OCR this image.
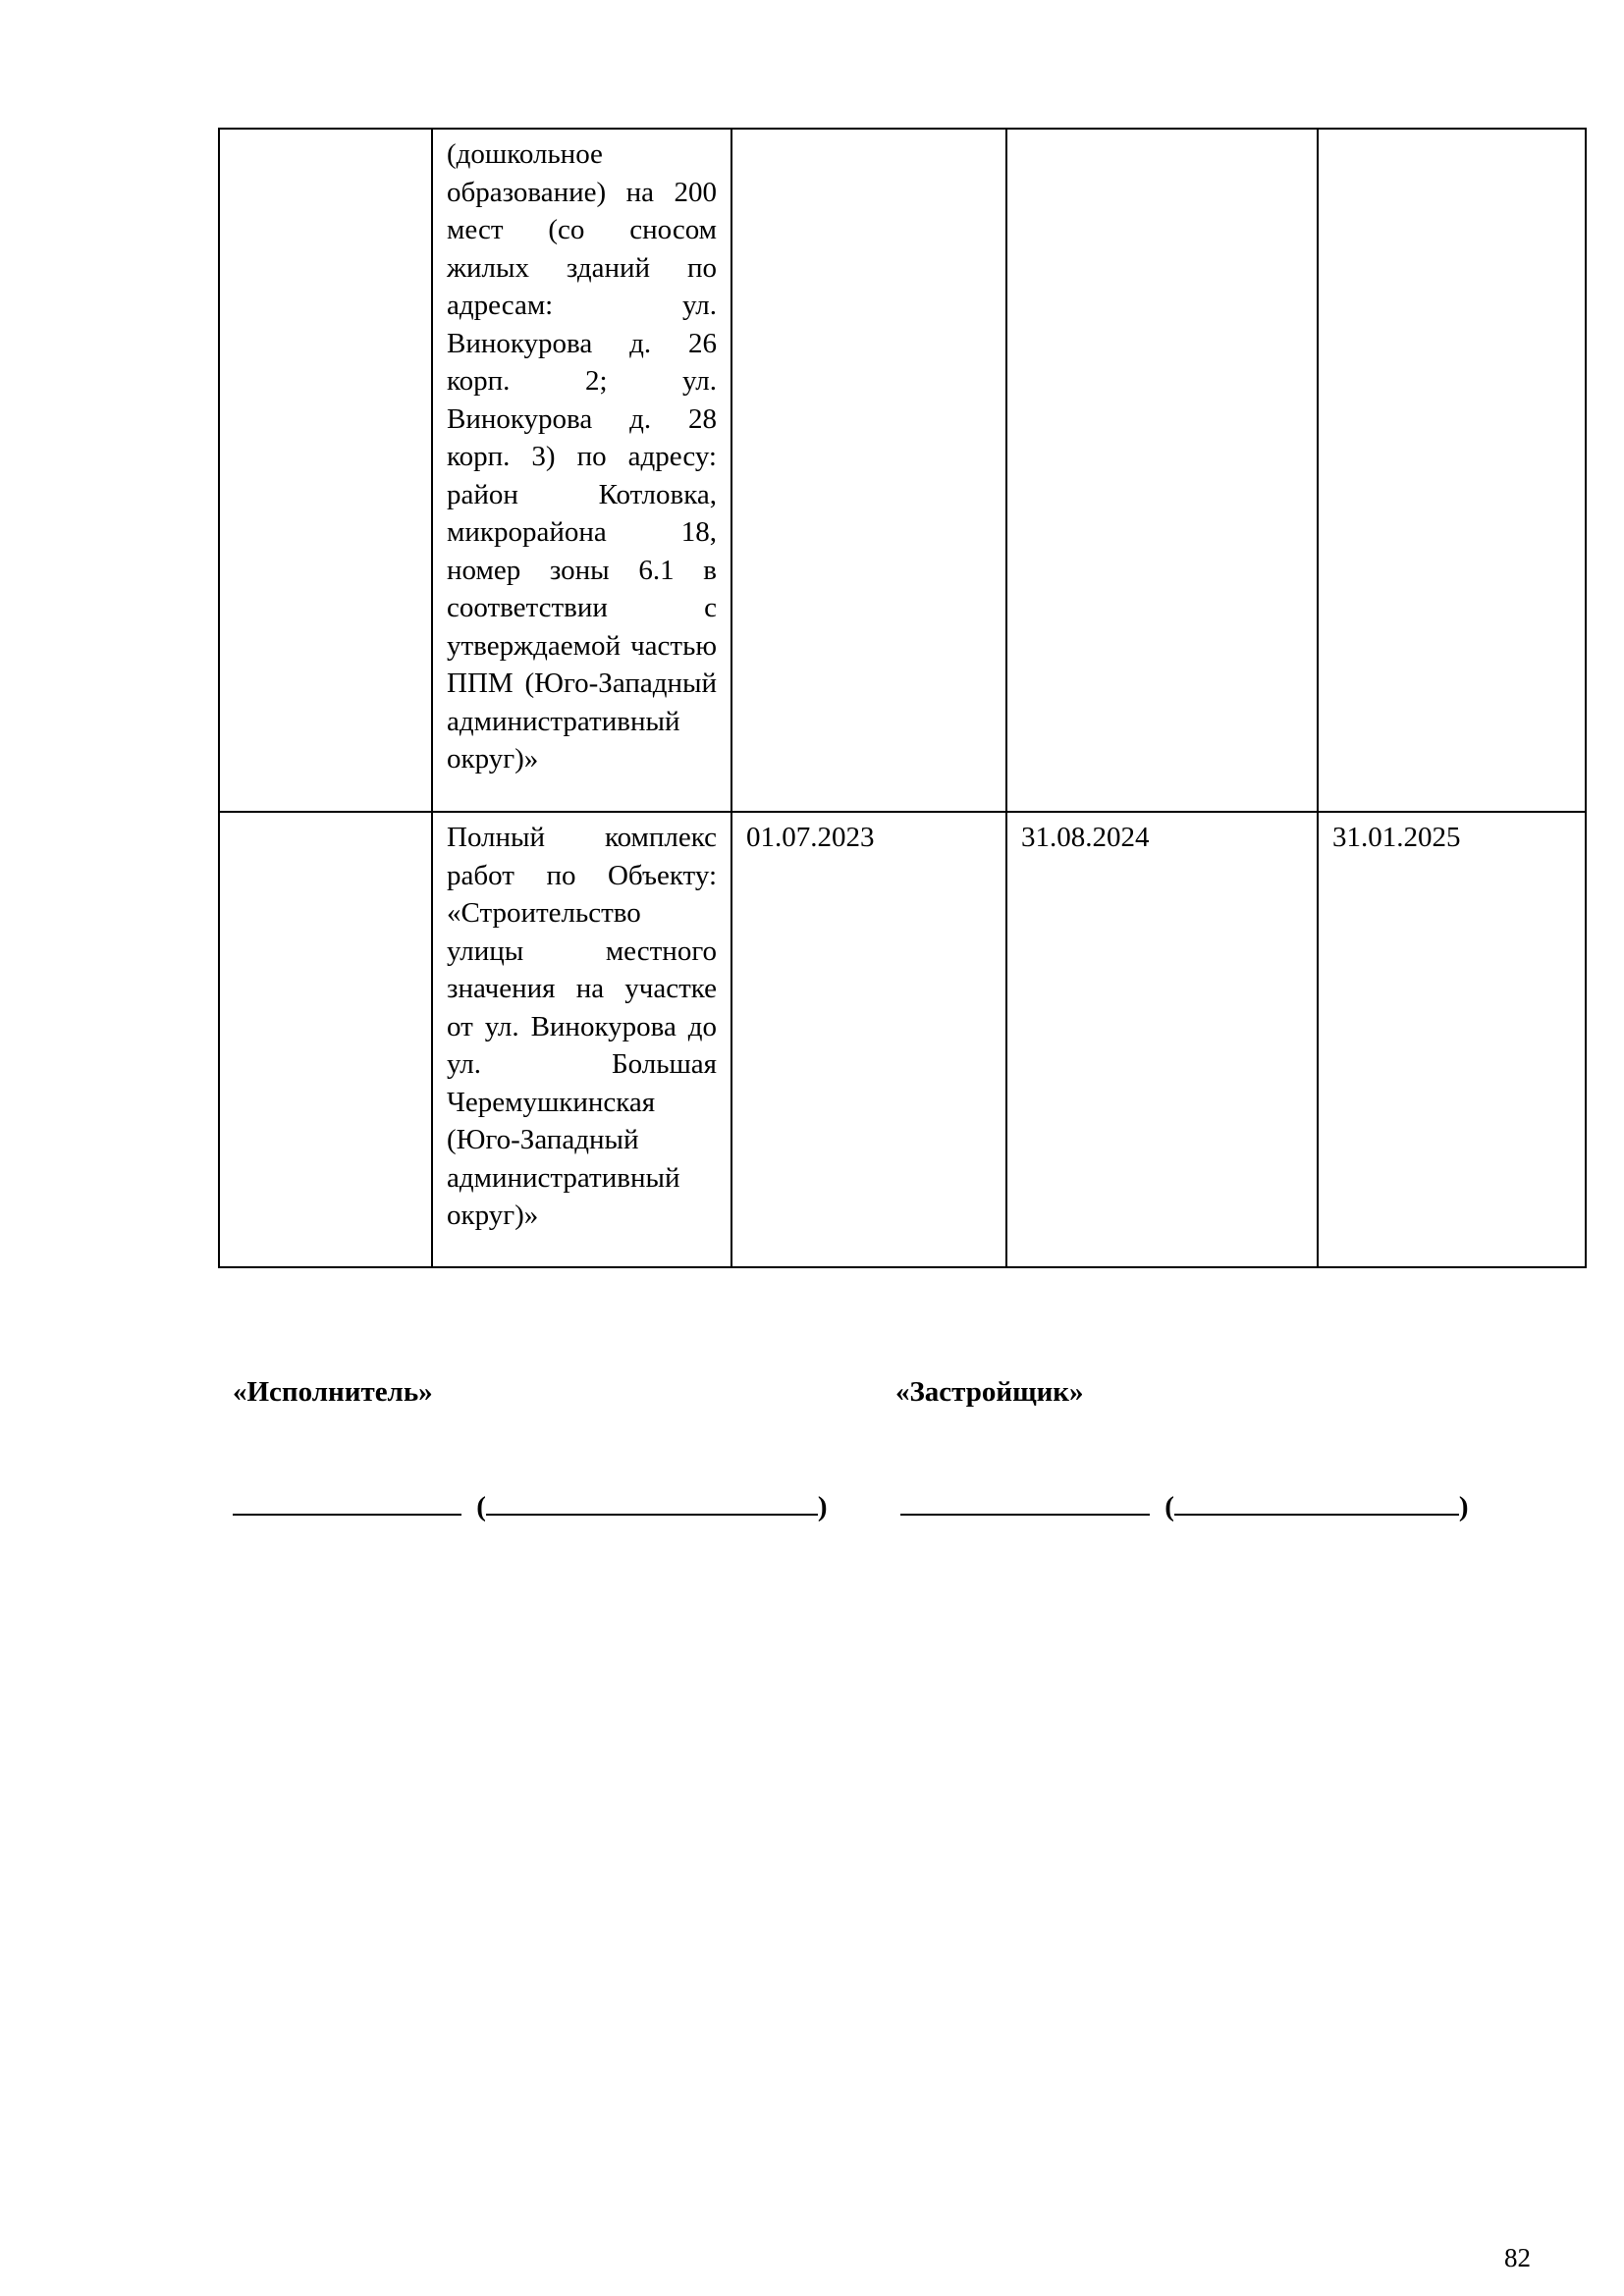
	(дошкольное образование) на 200 мест (со сносом жилых зданий по адресам: ул. Винокурова д. 26 корп. 2; ул. Винокурова д. 28 корп. 3) по адресу: район Котловка, микрорайона 18, номер зоны 6.1 в соответствии с утверждаемой частью ППМ (Юго-Западный административный округ)»			
	Полный комплекс работ по Объекту: «Строительство улицы местного значения на участке от ул. Винокурова до ул. Большая Черемушкинская (Юго-Западный административный округ)»	01.07.2023	31.08.2024	31.01.2025
«Исполнитель»	«Застройщик»
(	)	(	)
82
